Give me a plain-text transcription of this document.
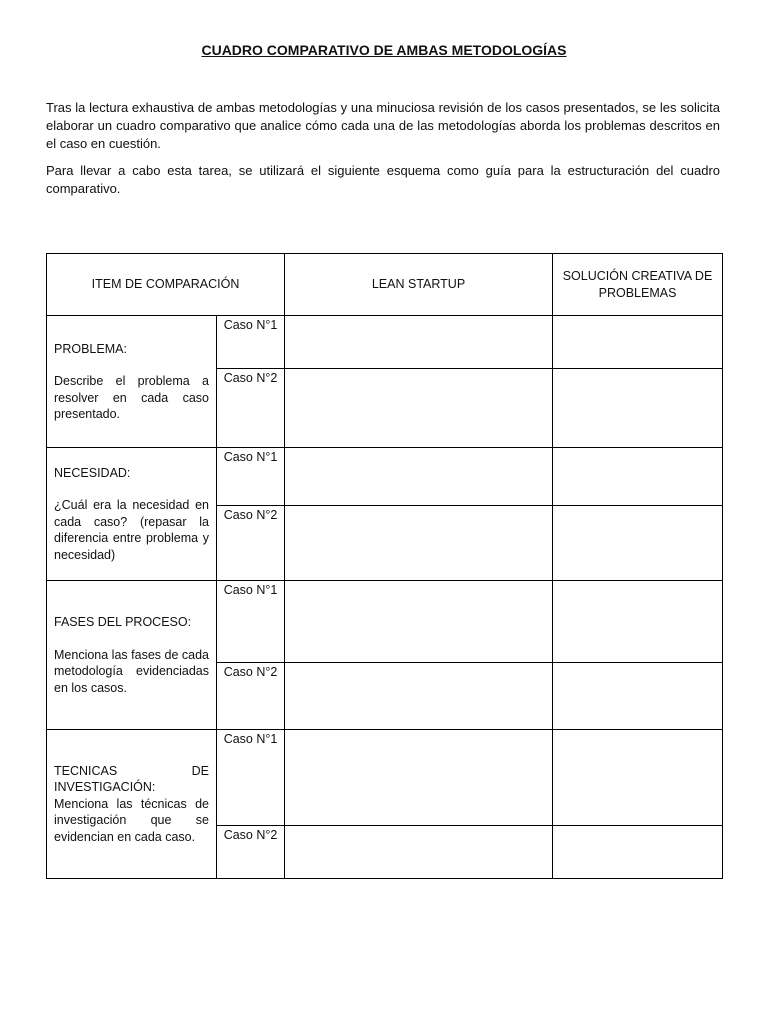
CUADRO COMPARATIVO DE AMBAS METODOLOGÍAS
Tras la lectura exhaustiva de ambas metodologías y una minuciosa revisión de los casos presentados, se les solicita elaborar un cuadro comparativo que analice cómo cada una de las metodologías aborda los problemas descritos en el caso en cuestión.
Para llevar a cabo esta tarea, se utilizará el siguiente esquema como guía para la estructuración del cuadro comparativo.
ITEM DE COMPARACIÓN		LEAN STARTUP	SOLUCIÓN CREATIVA DE PROBLEMAS

PROBLEMA:
Describe el problema a resolver en cada caso presentado.	Caso N°1		
	Caso N°2		

NECESIDAD:
¿Cuál era la necesidad en cada caso? (repasar la diferencia entre problema y necesidad)	Caso N°1		
	Caso N°2		

FASES DEL PROCESO:
Menciona las fases de cada metodología evidenciadas en los casos.	Caso N°1		
	Caso N°2		

TECNICAS DE INVESTIGACIÓN:
Menciona las técnicas de investigación que se evidencian en cada caso.	Caso N°1		
	Caso N°2		
